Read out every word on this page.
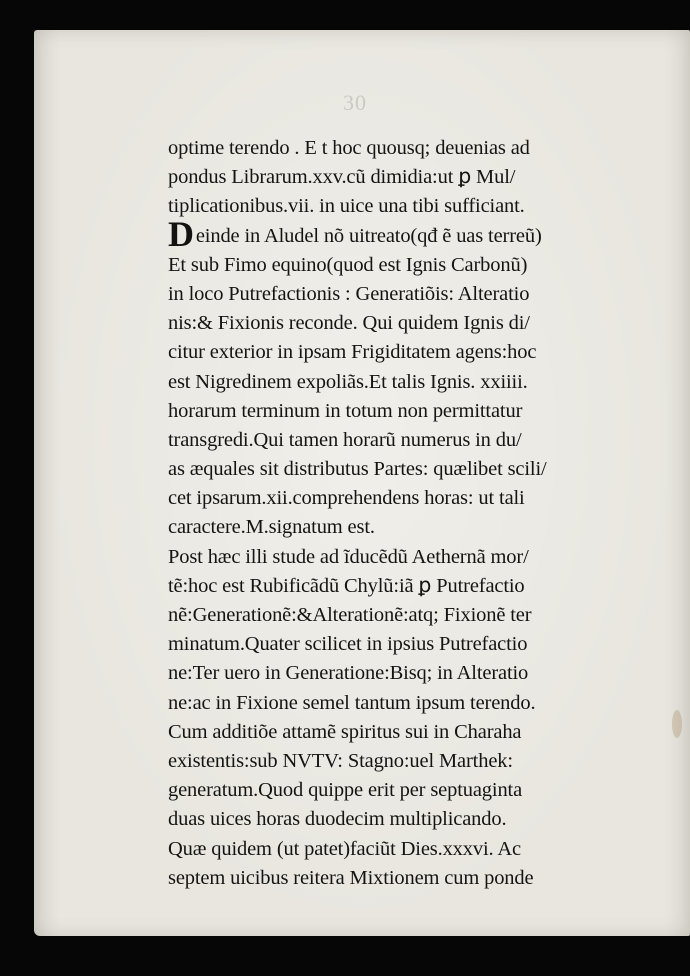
30
optime terendo . E t hoc quousq; deuenias ad
pondus Librarum.xxv.cũ dimidia:ut ꝑ Mul/
tiplicationibus.vii. in uice una tibi sufficiant.
Deinde in Aludel nõ uitreato(qđ ẽ uas terreũ)
Et sub Fimo equino(quod est Ignis Carbonũ)
in loco Putrefactionis : Generatiõis: Alteratio
nis:& Fixionis reconde. Qui quidem Ignis di/
citur exterior in ipsam Frigiditatem agens:hoc
est Nigredinem expoliãs.Et talis Ignis. xxiiii.
horarum terminum in totum non permittatur
transgredi.Qui tamen horarũ numerus in du/
as æquales sit distributus Partes: quælibet scili/
cet ipsarum.xii.comprehendens horas: ut tali
caractere.M.signatum est.
Post hæc illi stude ad ĩducẽdũ Aethernã mor/
tẽ:hoc est Rubificãdũ Chylũ:iã ꝑ Putrefactio
nẽ:Generationẽ:&Alterationẽ:atq; Fixionẽ ter
minatum.Quater scilicet in ipsius Putrefactio
ne:Ter uero in Generatione:Bisq; in Alteratio
ne:ac in Fixione semel tantum ipsum terendo.
Cum additiõe attamẽ spiritus sui in Charaha
existentis:sub NVTV: Stagno:uel Marthek:
generatum.Quod quippe erit per septuaginta
duas uices horas duodecim multiplicando.
Quæ quidem (ut patet)faciũt Dies.xxxvi. Ac
septem uicibus reitera Mixtionem cum ponde
